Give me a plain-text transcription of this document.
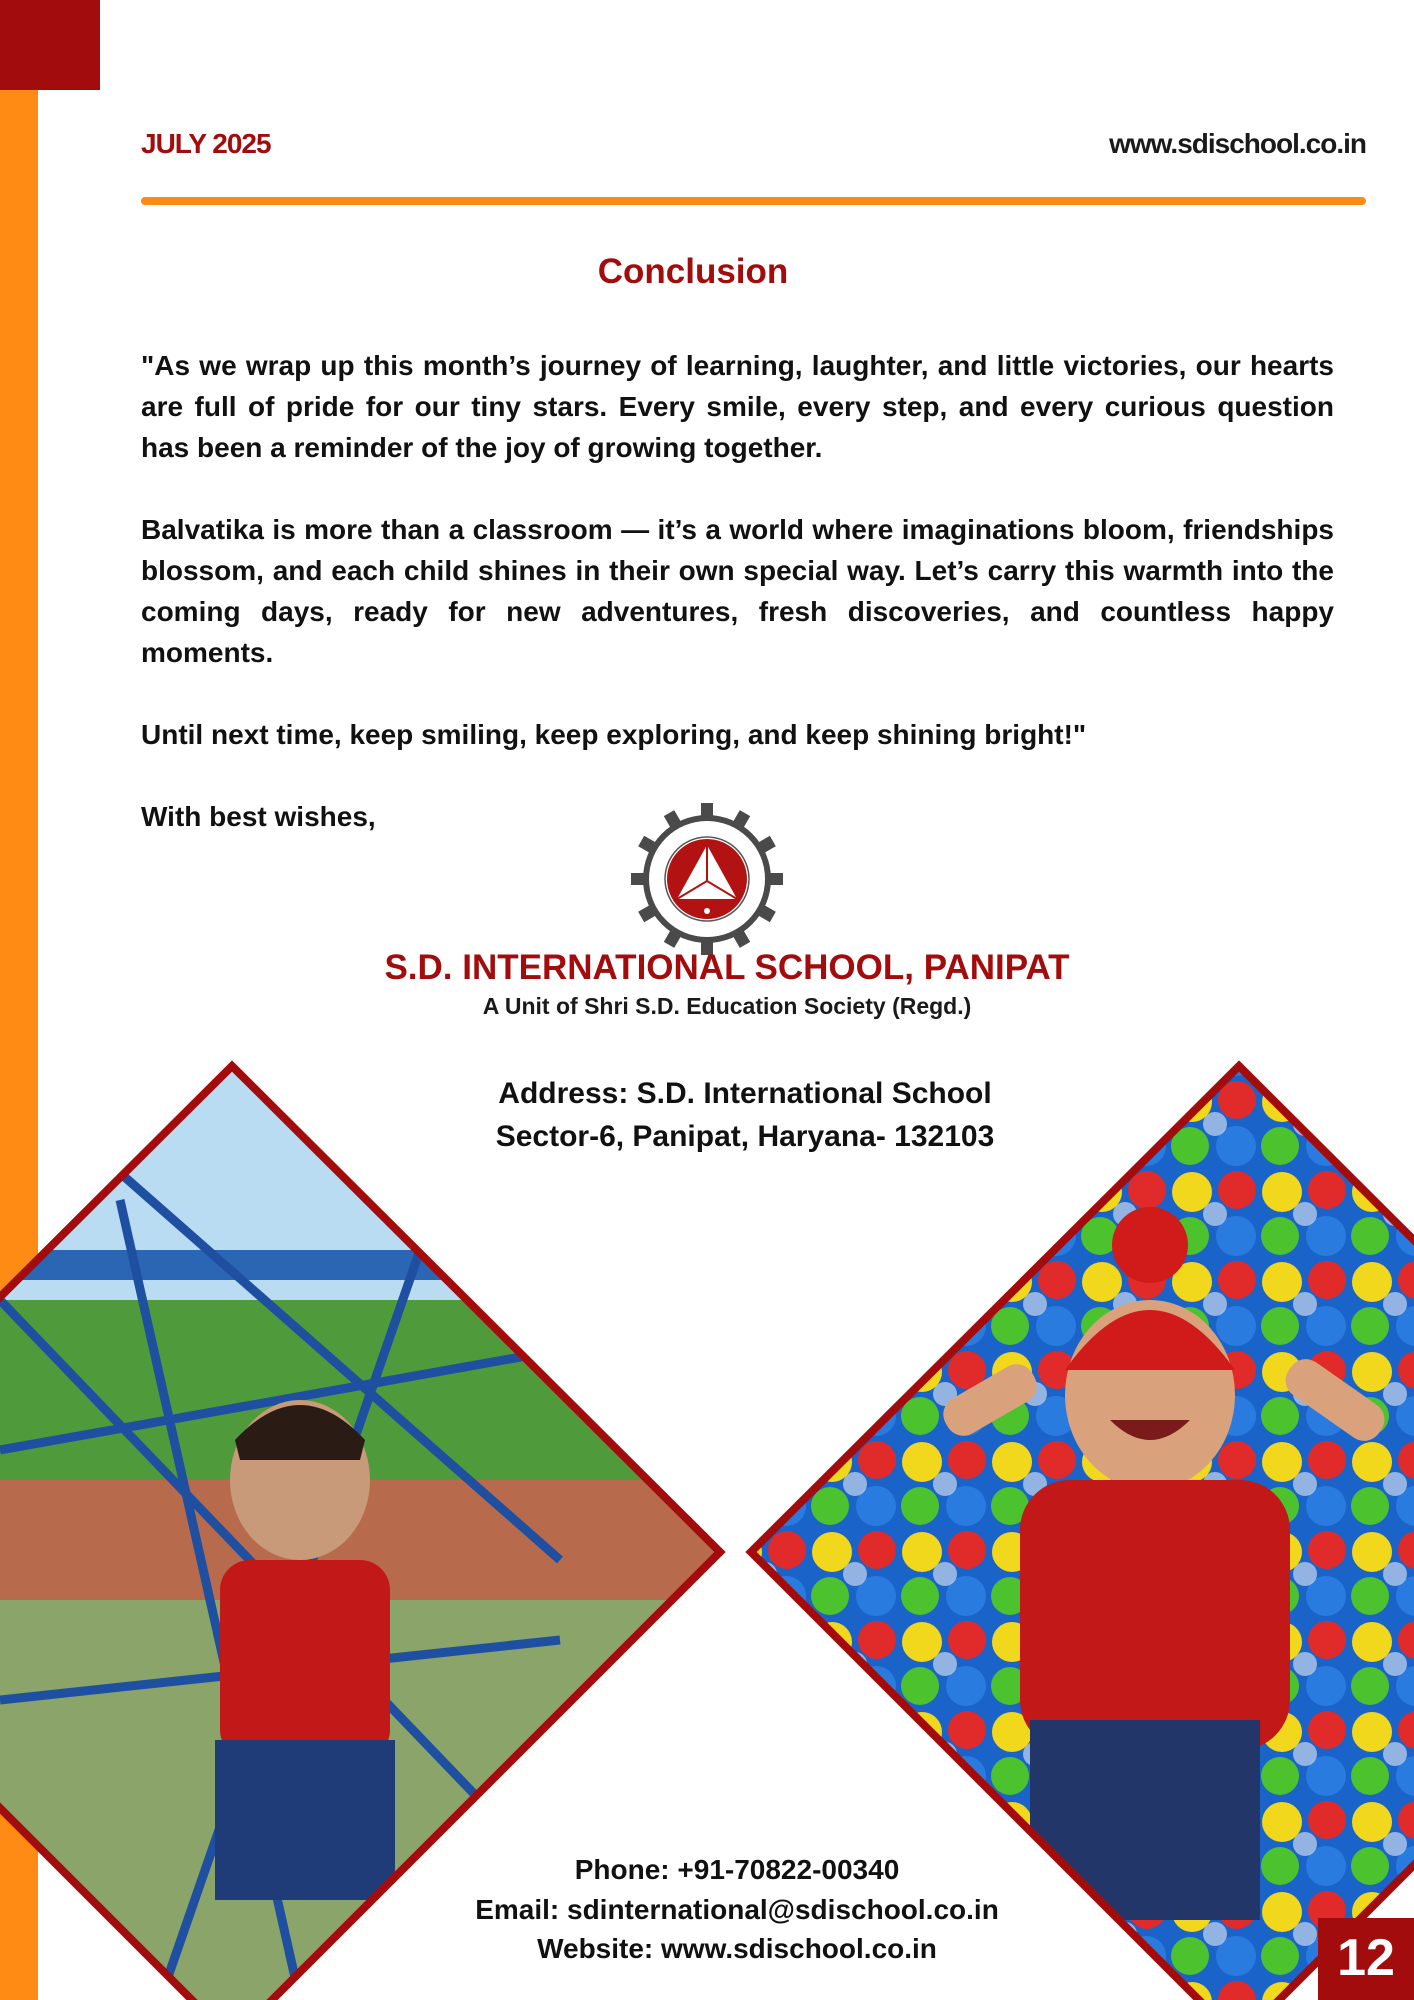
JULY 2025	www.sdischool.co.in
Conclusion

"As we wrap up this month’s journey of learning, laughter, and little victories, our hearts are full of pride for our tiny stars. Every smile, every step, and every curious question has been a reminder of the joy of growing together.

Balvatika is more than a classroom — it’s a world where imaginations bloom, friendships blossom, and each child shines in their own special way. Let’s carry this warmth into the coming days, ready for new adventures, fresh discoveries, and countless happy moments.

Until next time, keep smiling, keep exploring, and keep shining bright!"

With best wishes,

S.D. INTERNATIONAL SCHOOL, PANIPAT
A Unit of Shri S.D. Education Society (Regd.)
Address: S.D. International School
Sector-6, Panipat, Haryana- 132103
Phone: +91-70822-00340
Email: sdinternational@sdischool.co.in
Website: www.sdischool.co.in	12
